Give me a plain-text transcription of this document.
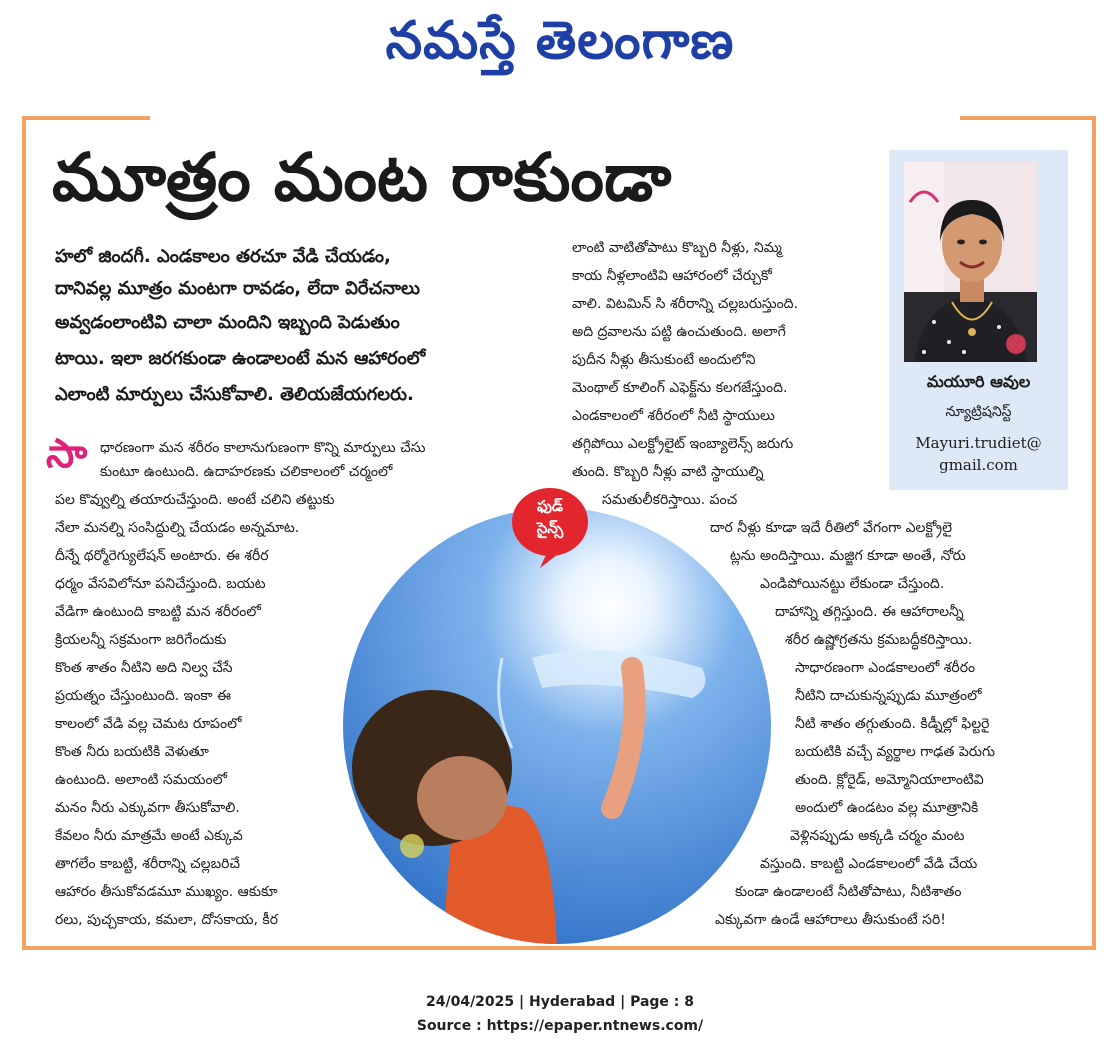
నమస్తే తెలంగాణ
మూత్రం మంట రాకుండా
మయూరి ఆవుల
న్యూట్రిషనిస్ట్
Mayuri.trudiet@
gmail.com

హలో జిందగీ. ఎండకాలం తరచూ వేడి చేయడం,

దానివల్ల మూత్రం మంటగా రావడం, లేదా విరేచనాలు

అవ్వడంలాంటివి చాలా మందిని ఇబ్బంది పెడుతుం

టాయి. ఇలా జరగకుండా ఉండాలంటే మన ఆహారంలో

ఎలాంటి మార్పులు చేసుకోవాలి. తెలియజేయగలరు.

ఫుడ్
సైన్స్
సా ధారణంగా మన శరీరం కాలానుగుణంగా కొన్ని మార్పులు చేసు
కుంటూ ఉంటుంది. ఉదాహరణకు చలికాలంలో చర్మంలో
పల కొవ్వుల్ని తయారుచేస్తుంది. అంటే చలిని తట్టుకు
నేలా మనల్ని సంసిద్ధుల్ని చేయడం అన్నమాట.
దీన్నే థర్మోరెగ్యులేషన్ అంటారు. ఈ శరీర
ధర్మం వేసవిలోనూ పనిచేస్తుంది. బయట
వేడిగా ఉంటుంది కాబట్టి మన శరీరంలో
క్రియలన్నీ సక్రమంగా జరిగేందుకు
కొంత శాతం నీటిని అది నిల్వ చేసే
ప్రయత్నం చేస్తుంటుంది. ఇంకా ఈ
కాలంలో వేడి వల్ల చెమట రూపంలో
కొంత నీరు బయటికి వెళుతూ
ఉంటుంది. అలాంటి సమయంలో
మనం నీరు ఎక్కువగా తీసుకోవాలి.
కేవలం నీరు మాత్రమే అంటే ఎక్కువ
తాగలేం కాబట్టి, శరీరాన్ని చల్లబరిచే
ఆహారం తీసుకోవడమూ ముఖ్యం. ఆకుకూ
రలు, పుచ్చకాయ, కమలా, దోసకాయ, కీర
లాంటి వాటితోపాటు కొబ్బరి నీళ్లు, నిమ్మ
కాయ నీళ్లలాంటివి ఆహారంలో చేర్చుకో
వాలి. విటమిన్ సి శరీరాన్ని చల్లబరుస్తుంది.
అది ద్రవాలను పట్టి ఉంచుతుంది. అలాగే
పుదీన నీళ్లు తీసుకుంటే అందులోని
మెంథాల్ కూలింగ్ ఎఫెక్ట్‌ను కలగజేస్తుంది.
ఎండకాలంలో శరీరంలో నీటి స్థాయులు
తగ్గిపోయి ఎలక్ట్రోలైట్ ఇంబ్యాలెన్స్ జరుగు
తుంది. కొబ్బరి నీళ్లు వాటి స్థాయుల్ని
సమతులీకరిస్తాయి. పంచ
దార నీళ్లు కూడా ఇదే రీతిలో వేగంగా ఎలక్ట్రోలై
ట్లను అందిస్తాయి. మజ్జిగ కూడా అంతే, నోరు
ఎండిపోయినట్టు లేకుండా చేస్తుంది.
దాహాన్ని తగ్గిస్తుంది. ఈ ఆహారాలన్నీ
శరీర ఉష్ణోగ్రతను క్రమబద్ధీకరిస్తాయి.
సాధారణంగా ఎండకాలంలో శరీరం
నీటిని దాచుకున్నప్పుడు మూత్రంలో
నీటి శాతం తగ్గుతుంది. కిడ్నీల్లో ఫిల్టరై
బయటికి వచ్చే వ్యర్థాల గాఢత పెరుగు
తుంది. క్లోరైడ్, అమ్మోనియాలాంటివి
అందులో ఉండటం వల్ల మూత్రానికి
వెళ్లినప్పుడు అక్కడి చర్మం మంట
వస్తుంది. కాబట్టి ఎండకాలంలో వేడి చేయ
కుండా ఉండాలంటే నీటితోపాటు, నీటిశాతం
ఎక్కువగా ఉండే ఆహారాలు తీసుకుంటే సరి!
24/04/2025 | Hyderabad | Page : 8
Source : https://epaper.ntnews.com/
